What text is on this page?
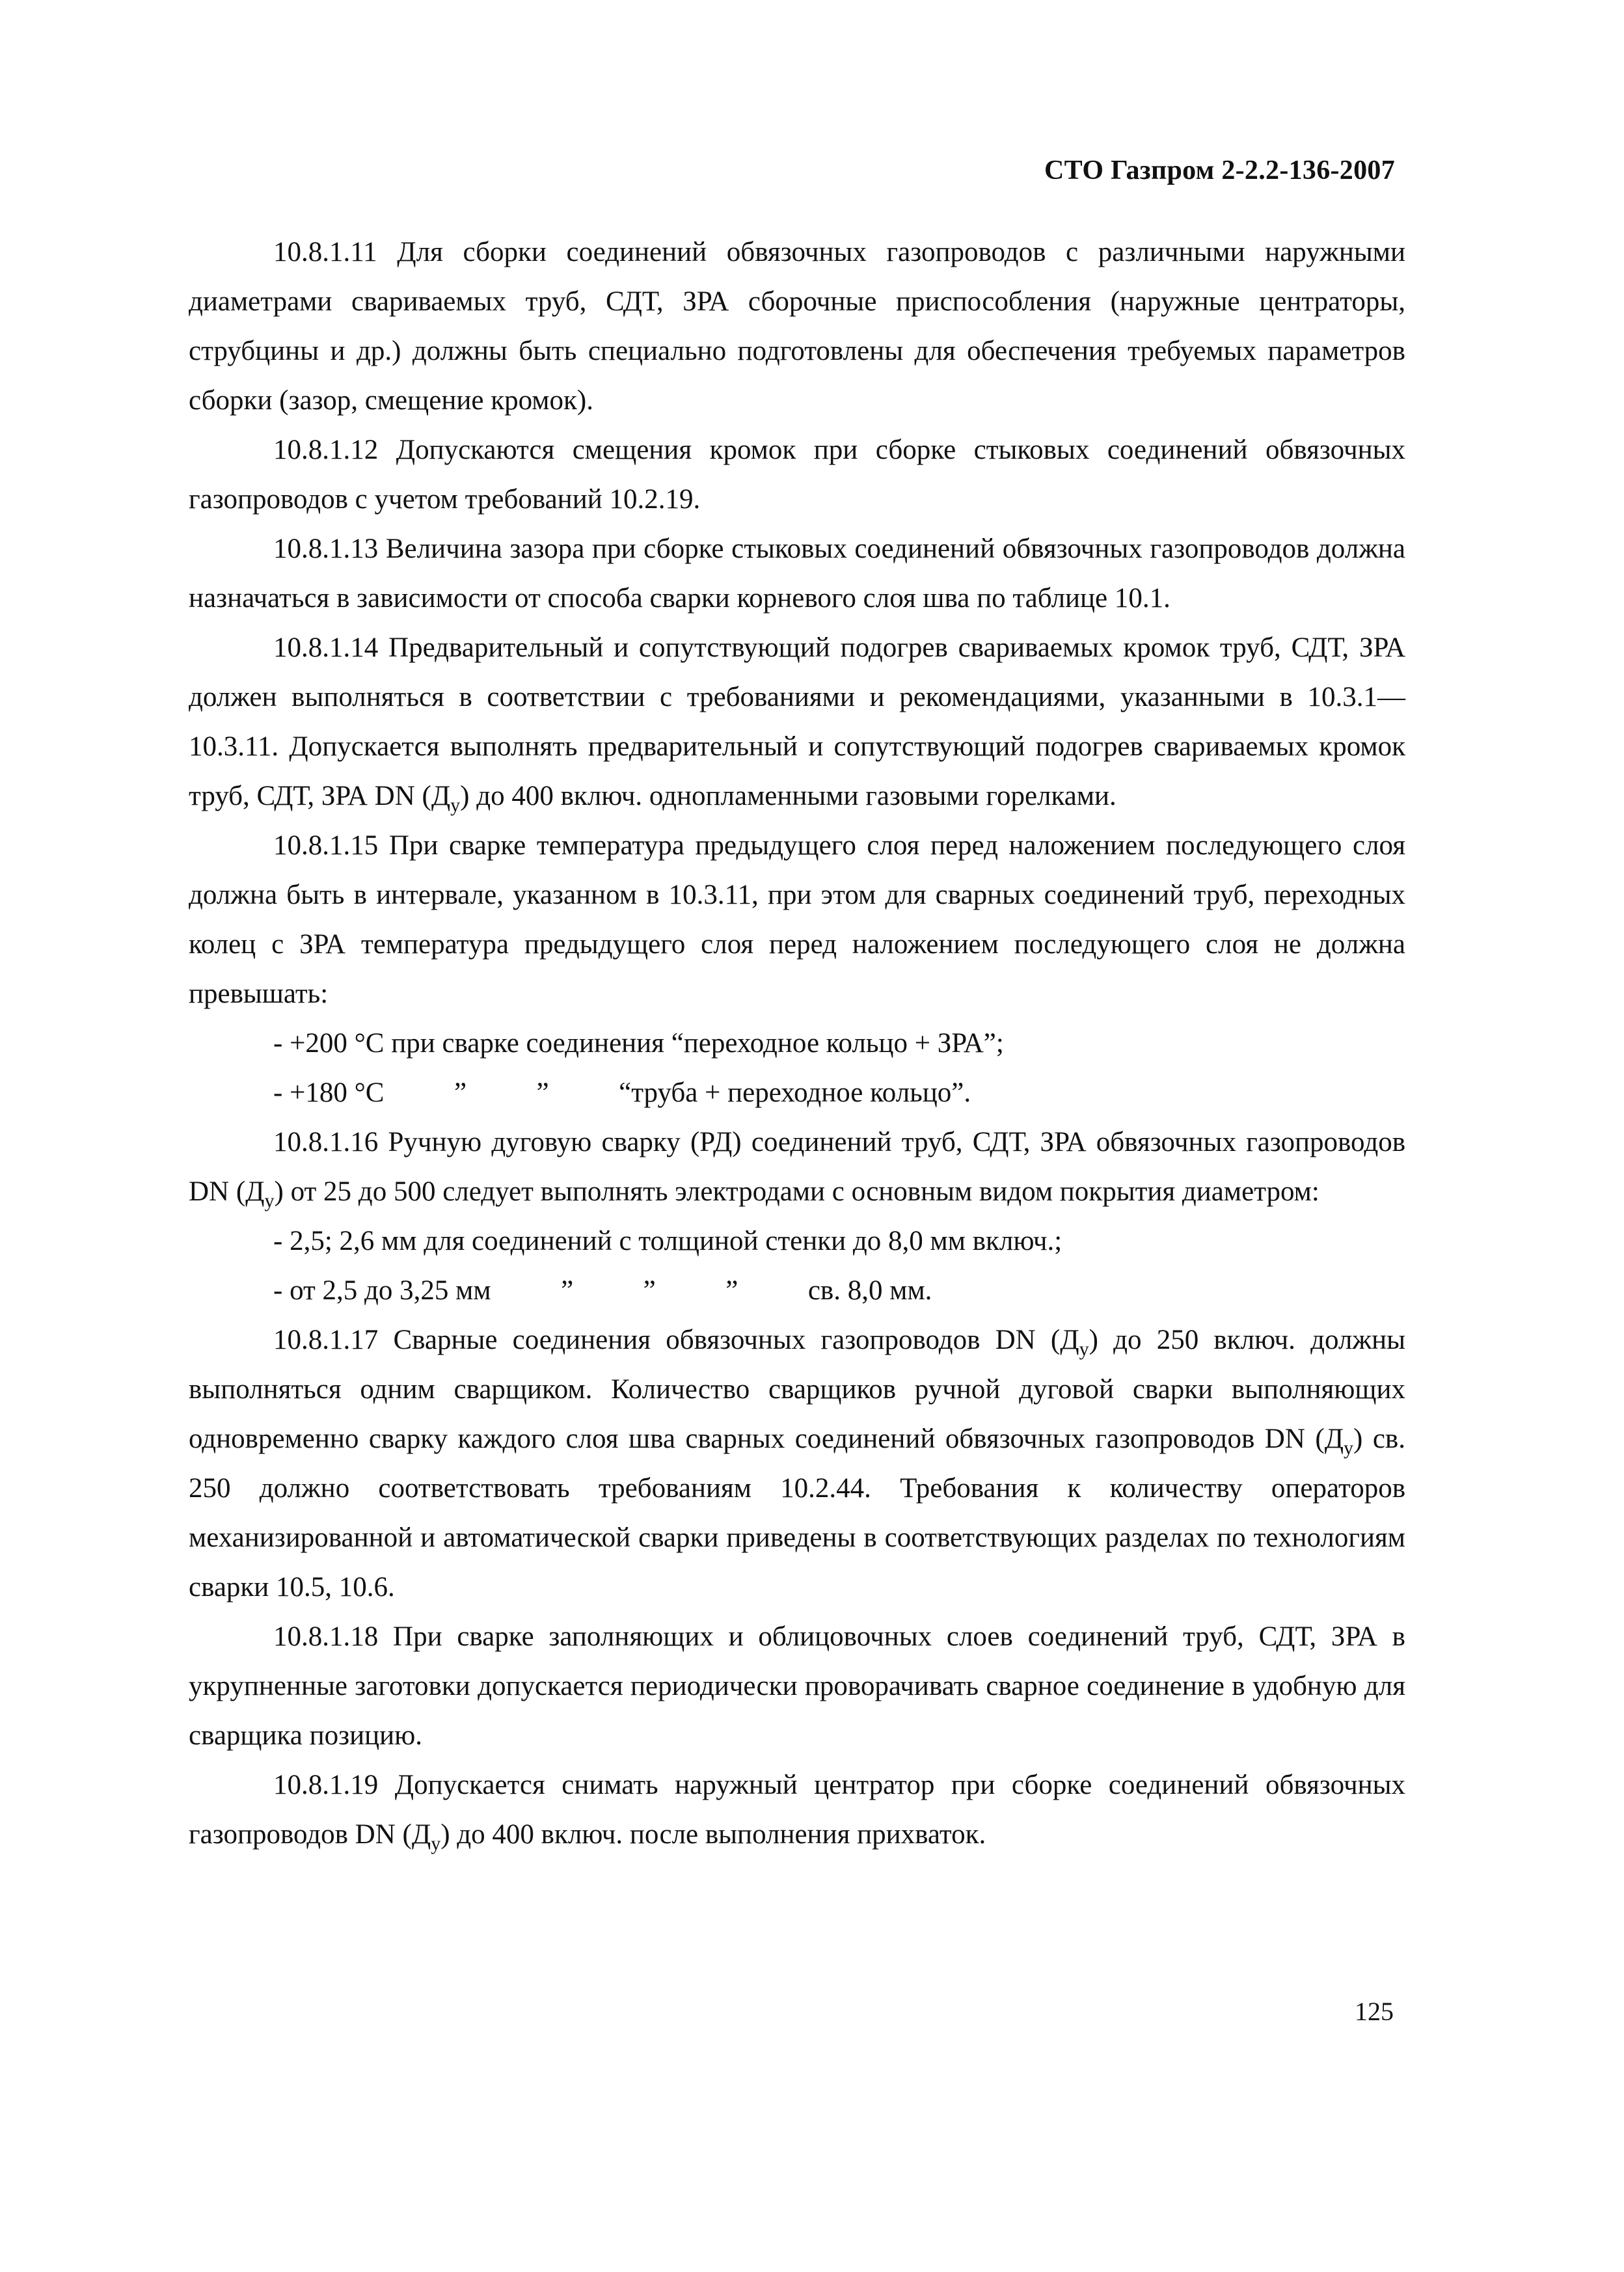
СТО Газпром 2-2.2-136-2007

10.8.1.11 Для сборки соединений обвязочных газопроводов с различными наружными диаметрами свариваемых труб, СДТ, ЗРА сборочные приспособления (наружные центраторы, струбцины и др.) должны быть специально подготовлены для обеспечения требуемых параметров сборки (зазор, смещение кромок).

10.8.1.12 Допускаются смещения кромок при сборке стыковых соединений обвязочных газопроводов с учетом требований 10.2.19.

10.8.1.13 Величина зазора при сборке стыковых соединений обвязочных газопроводов должна назначаться в зависимости от способа сварки корневого слоя шва по таблице 10.1.

10.8.1.14 Предварительный и сопутствующий подогрев свариваемых кромок труб, СДТ, ЗРА должен выполняться в соответствии с требованиями и рекомендациями, указанными в 10.3.1—10.3.11. Допускается выполнять предварительный и сопутствующий подогрев свариваемых кромок труб, СДТ, ЗРА DN $(Д_у)$ до 400 включ. однопламенными газовыми горелками.

10.8.1.15 При сварке температура предыдущего слоя перед наложением последующего слоя должна быть в интервале, указанном в 10.3.11, при этом для сварных соединений труб, переходных колец с ЗРА температура предыдущего слоя перед наложением последующего слоя не должна превышать:

- +200 °С при сварке соединения “переходное кольцо + ЗРА”;

- +180 °С          ”          ”          “труба + переходное кольцо”.

10.8.1.16 Ручную дуговую сварку (РД) соединений труб, СДТ, ЗРА обвязочных газопроводов DN $(Д_у)$ от 25 до 500 следует выполнять электродами с основным видом покрытия диаметром:

- 2,5; 2,6 мм для соединений с толщиной стенки до 8,0 мм включ.;

- от 2,5 до 3,25 мм          ”          ”          ”          св. 8,0 мм.

10.8.1.17 Сварные соединения обвязочных газопроводов DN $(Д_у)$ до 250 включ. должны выполняться одним сварщиком. Количество сварщиков ручной дуговой сварки выполняющих одновременно сварку каждого слоя шва сварных соединений обвязочных газопроводов DN $(Д_у)$ св. 250 должно соответствовать требованиям 10.2.44. Требования к количеству операторов механизированной и автоматической сварки приведены в соответствующих разделах по технологиям сварки 10.5, 10.6.

10.8.1.18 При сварке заполняющих и облицовочных слоев соединений труб, СДТ, ЗРА в укрупненные заготовки допускается периодически проворачивать сварное соединение в удобную для сварщика позицию.

10.8.1.19 Допускается снимать наружный центратор при сборке соединений обвязочных газопроводов DN $(Д_у)$ до 400 включ. после выполнения прихваток.

125
